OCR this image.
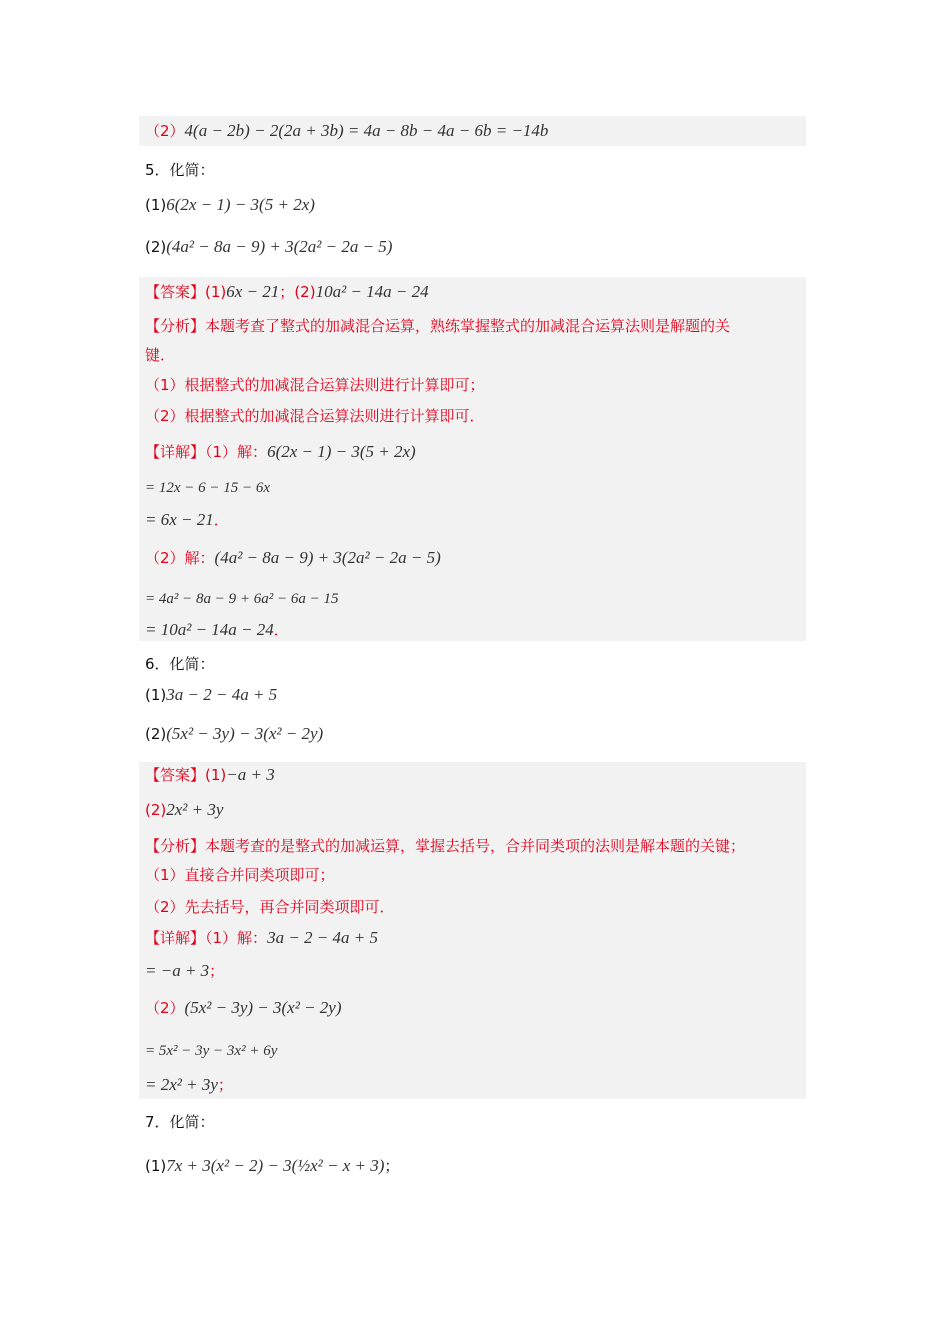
（2）4(a − 2b) − 2(2a + 3b) = 4a − 8b − 4a − 6b = −14b
5．化简：
(1)6(2x − 1) − 3(5 + 2x)
(2)(4a² − 8a − 9) + 3(2a² − 2a − 5)
【答案】(1)6x − 21；(2)10a² − 14a − 24
【分析】本题考查了整式的加减混合运算，熟练掌握整式的加减混合运算法则是解题的关
键．
（1）根据整式的加减混合运算法则进行计算即可；
（2）根据整式的加减混合运算法则进行计算即可．
【详解】（1）解：6(2x − 1) − 3(5 + 2x)
= 12x − 6 − 15 − 6x
= 6x − 21．
（2）解：(4a² − 8a − 9) + 3(2a² − 2a − 5)
= 4a² − 8a − 9 + 6a² − 6a − 15
= 10a² − 14a − 24．
6．化简：
(1)3a − 2 − 4a + 5
(2)(5x² − 3y) − 3(x² − 2y)
【答案】(1)−a + 3
(2)2x² + 3y
【分析】本题考查的是整式的加减运算，掌握去括号，合并同类项的法则是解本题的关键；
（1）直接合并同类项即可；
（2）先去括号，再合并同类项即可．
【详解】（1）解：3a − 2 − 4a + 5
= −a + 3；
（2）(5x² − 3y) − 3(x² − 2y)
= 5x² − 3y − 3x² + 6y
= 2x² + 3y；
7．化简：
(1)7x + 3(x² − 2) − 3(½x² − x + 3)；
